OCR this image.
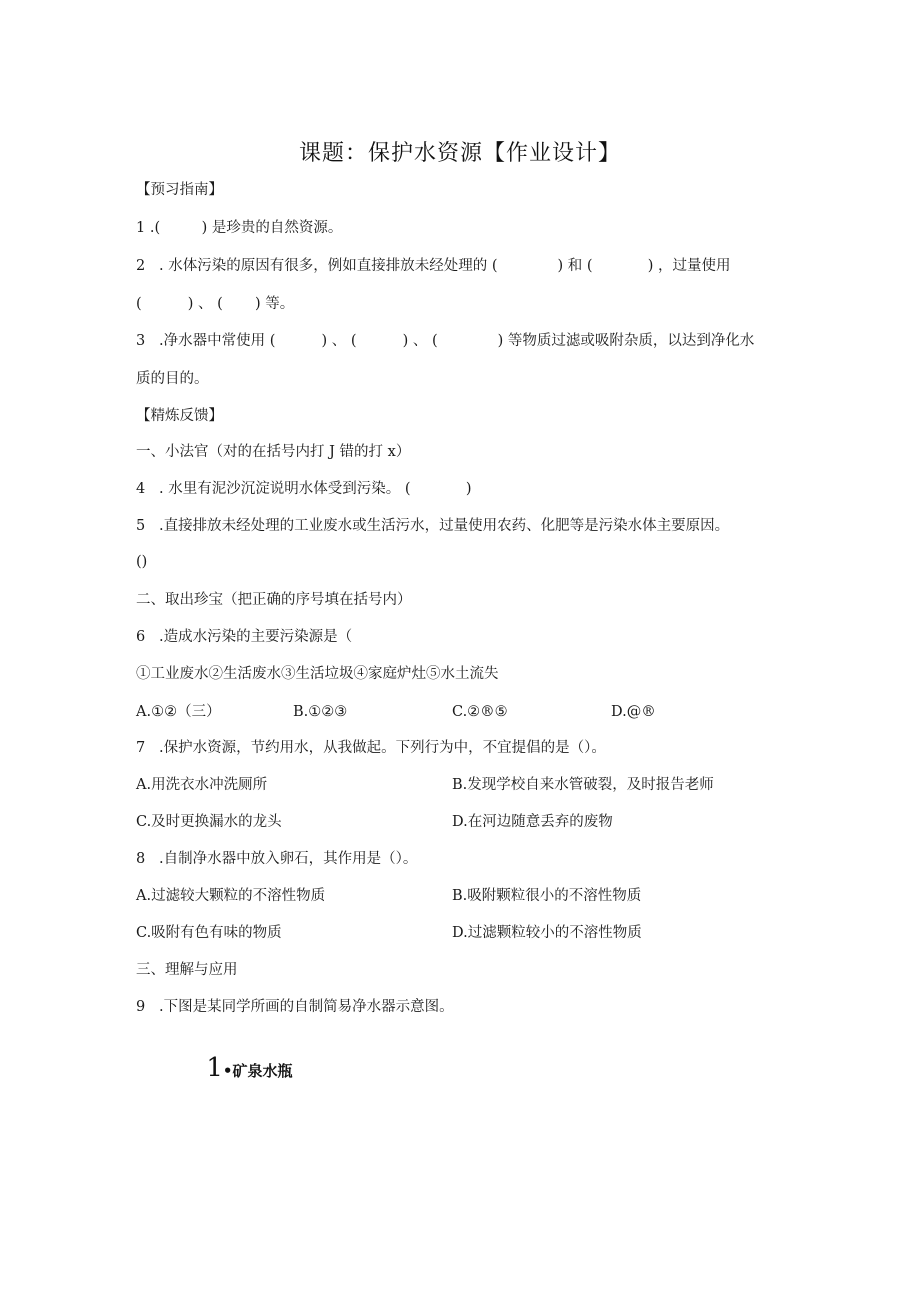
课题：保护水资源【作业设计】
【预习指南】
1 .(         ) 是珍贵的自然资源。
2   . 水体污染的原因有很多，例如直接排放未经处理的 (             ) 和 (            ) ，过量使用
(          ) 、 (       ) 等。
3   .净水器中常使用 (          ) 、 (          ) 、 (             ) 等物质过滤或吸附杂质，以达到净化水
质的目的。
【精炼反馈】
一、小法官（对的在括号内打 J 错的打 x）
4   . 水里有泥沙沉淀说明水体受到污染。 (            )
5   .直接排放未经处理的工业废水或生活污水，过量使用农药、化肥等是污染水体主要原因。
()
二、取出珍宝（把正确的序号填在括号内）
6   .造成水污染的主要污染源是（
①工业废水②生活废水③生活垃圾④家庭炉灶⑤水土流失
A.①②（三）	B.①②③	C.②®⑤	D.@®
7   .保护水资源，节约用水，从我做起。下列行为中，不宜提倡的是（）。
A.用洗衣水冲洗厕所	B.发现学校自来水管破裂，及时报告老师
C.及时更换漏水的龙头	D.在河边随意丢弃的废物
8   .自制净水器中放入卵石，其作用是（）。
A.过滤较大颗粒的不溶性物质	B.吸附颗粒很小的不溶性物质
C.吸附有色有味的物质	D.过滤颗粒较小的不溶性物质
三、理解与应用
9   .下图是某同学所画的自制简易净水器示意图。

1•矿泉水瓶
